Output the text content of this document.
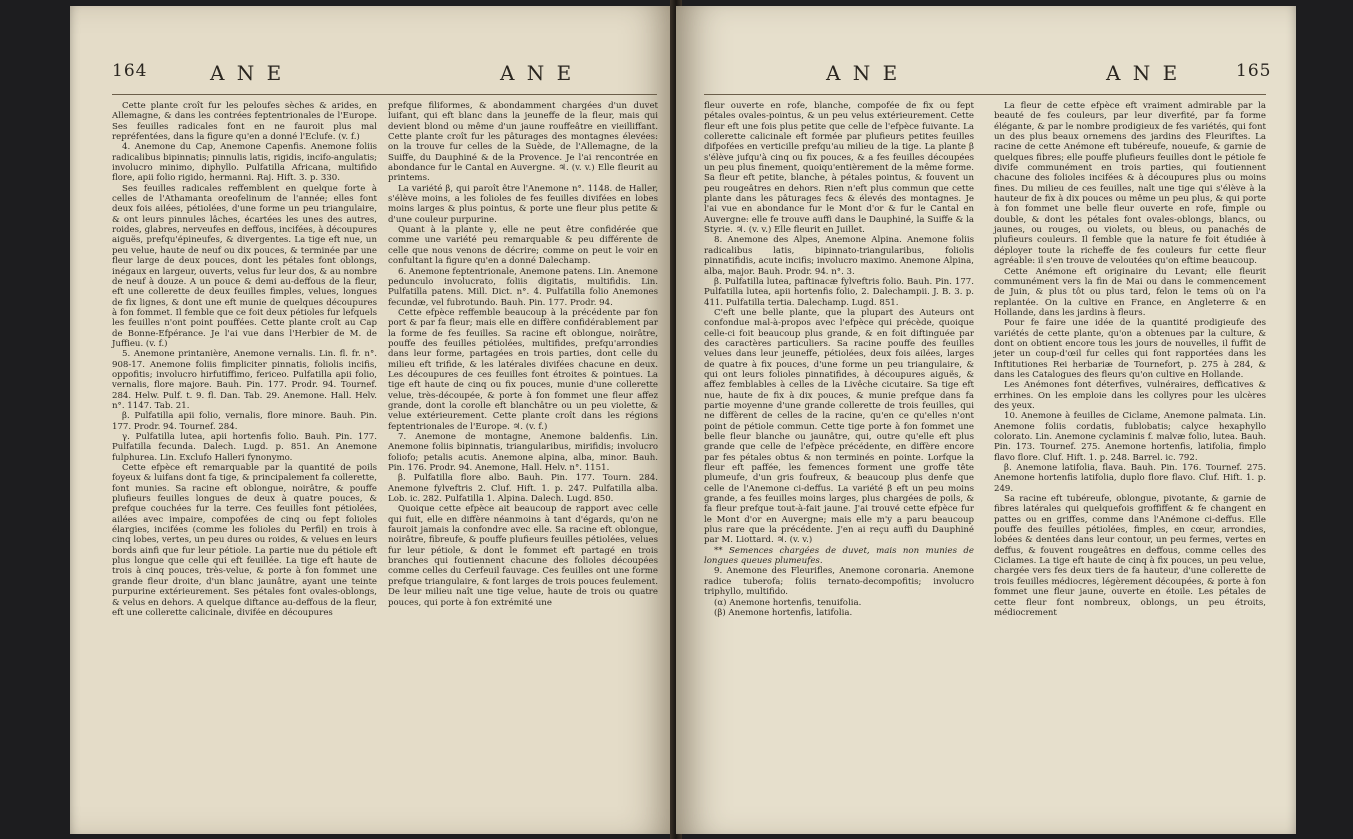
164	A N E	A N E

Cette plante croît fur les peloufes sèches & arides, en Allemagne, & dans les contrées feptentrionales de l'Europe. Ses feuilles radicales font en ne fauroit plus mal repréfentées, dans la figure qu'en a donné l'Eclufe. (v. f.)

4. Anemone du Cap, Anemone Capenfis. Anemone foliis radicalibus bipinnatis; pinnulis latis, rigidis, incifo-angulatis; involucro minimo, diphyllo. Pulfatilla Africana, multifido flore, apii folio rigido, hermanni. Raj. Hift. 3. p. 330.

Ses feuilles radicales reffemblent en quelque forte à celles de l'Athamanta oreofelinum de l'année; elles font deux fois ailées, pétiolées, d'une forme un peu triangulaire, & ont leurs pinnules lâches, écartées les unes des autres, roides, glabres, nerveufes en deffous, incifées, à découpures aiguës, prefqu'épineufes, & divergentes. La tige eft nue, un peu velue, haute de neuf ou dix pouces, & terminée par une fleur large de deux pouces, dont les pétales font oblongs, inégaux en largeur, ouverts, velus fur leur dos, & au nombre de neuf à douze. A un pouce & demi au-deffous de la fleur, eft une collerette de deux feuilles fimples, velues, longues de fix lignes, & dont une eft munie de quelques découpures à fon fommet. Il femble que ce foit deux pétioles fur lefquels les feuilles n'ont point pouffées. Cette plante croît au Cap de Bonne-Efpérance. Je l'ai vue dans l'Herbier de M. de Juffieu. (v. f.)

5. Anemone printanière, Anemone vernalis. Lin. fl. fr. n°. 908-17. Anemone foliis fimpliciter pinnatis, foliolis incifis, oppofitis; involucro hirfutiffimo, fericeo. Pulfatilla apii folio, vernalis, flore majore. Bauh. Pin. 177. Prodr. 94. Tournef. 284. Helw. Pulf. t. 9. fl. Dan. Tab. 29. Anemone. Hall. Helv. n°. 1147. Tab. 21.

β. Pulfatilla apii folio, vernalis, flore minore. Bauh. Pin. 177. Prodr. 94. Tournef. 284.

γ. Pulfatilla lutea, apii hortenfis folio. Bauh. Pin. 177. Pulfatilla fecunda. Dalech. Lugd. p. 851. An Anemone fulphurea. Lin. Exclufo Halleri fynonymo.

Cette efpèce eft remarquable par la quantité de poils foyeux & luifans dont fa tige, & principalement fa collerette, font munies. Sa racine eft oblongue, noirâtre, & pouffe plufieurs feuilles longues de deux à quatre pouces, & prefque couchées fur la terre. Ces feuilles font pétiolées, ailées avec impaire, compofées de cinq ou fept folioles élargies, incifées (comme les folioles du Perfil) en trois à cinq lobes, vertes, un peu dures ou roides, & velues en leurs bords ainfi que fur leur pétiole. La partie nue du pétiole eft plus longue que celle qui eft feuillée. La tige eft haute de trois à cinq pouces, très-velue, & porte à fon fommet une grande fleur droite, d'un blanc jaunâtre, ayant une teinte purpurine extérieurement. Ses pétales font ovales-oblongs, & velus en dehors. A quelque diftance au-deffous de la fleur, eft une collerette calicinale, divifée en découpures

prefque filiformes, & abondamment chargées d'un duvet luifant, qui eft blanc dans la jeuneffe de la fleur, mais qui devient blond ou même d'un jaune rouffeâtre en vieilliffant. Cette plante croît fur les pâturages des montagnes élevées: on la trouve fur celles de la Suède, de l'Allemagne, de la Suiffe, du Dauphiné & de la Provence. Je l'ai rencontrée en abondance fur le Cantal en Auvergne. ♃. (v. v.) Elle fleurit au printems.

La variété β, qui paroît être l'Anemone n°. 1148. de Haller, s'élève moins, a les folioles de fes feuilles divifées en lobes moins larges & plus pointus, & porte une fleur plus petite & d'une couleur purpurine.

Quant à la plante γ, elle ne peut être confidérée que comme une variété peu remarquable & peu différente de celle que nous venons de décrire; comme on peut le voir en confultant la figure qu'en a donné Dalechamp.

6. Anemone feptentrionale, Anemone patens. Lin. Anemone pedunculo involucrato, foliis digitatis, multifidis. Lin. Pulfatilla patens. Mill. Dict. n°. 4. Pulfatilla folio Anemones fecundæ, vel fubrotundo. Bauh. Pin. 177. Prodr. 94.

Cette efpèce reffemble beaucoup à la précédente par fon port & par fa fleur; mais elle en diffère confidérablement par la forme de fes feuilles. Sa racine eft oblongue, noirâtre, pouffe des feuilles pétiolées, multifides, prefqu'arrondies dans leur forme, partagées en trois parties, dont celle du milieu eft trifide, & les latérales divifées chacune en deux. Les découpures de ces feuilles font étroites & pointues. La tige eft haute de cinq ou fix pouces, munie d'une collerette velue, très-découpée, & porte à fon fommet une fleur affez grande, dont la corolle eft blanchâtre ou un peu violette, & velue extérieurement. Cette plante croît dans les régions feptentrionales de l'Europe. ♃. (v. f.)

7. Anemone de montagne, Anemone baldenfis. Lin. Anemone foliis bipinnatis, triangularibus, mirifidis; involucro foliofo; petalis acutis. Anemone alpina, alba, minor. Bauh. Pin. 176. Prodr. 94. Anemone, Hall. Helv. n°. 1151.

β. Pulfatilla flore albo. Bauh. Pin. 177. Tourn. 284. Anemone fylveftris 2. Cluf. Hift. 1. p. 247. Pulfatilla alba. Lob. ic. 282. Pulfatilla 1. Alpina. Dalech. Lugd. 850.

Quoique cette efpèce ait beaucoup de rapport avec celle qui fuit, elle en diffère néanmoins à tant d'égards, qu'on ne fauroit jamais la confondre avec elle. Sa racine eft oblongue, noirâtre, fibreufe, & pouffe plufieurs feuilles pétiolées, velues fur leur pétiole, & dont le fommet eft partagé en trois branches qui foutiennent chacune des folioles découpées comme celles du Cerfeuil fauvage. Ces feuilles ont une forme prefque triangulaire, & font larges de trois pouces feulement. De leur milieu naît une tige velue, haute de trois ou quatre pouces, qui porte à fon extrémité une

A N E	A N E	165

fleur ouverte en rofe, blanche, compofée de fix ou fept pétales ovales-pointus, & un peu velus extérieurement. Cette fleur eft une fois plus petite que celle de l'efpèce fuivante. La collerette calicinale eft formée par plufieurs petites feuilles difpofées en verticille prefqu'au milieu de la tige. La plante β s'élève jufqu'à cinq ou fix pouces, & a fes feuilles découpées un peu plus finement, quoiqu'entièrement de la même forme. Sa fleur eft petite, blanche, à pétales pointus, & fouvent un peu rougeâtres en dehors. Rien n'eft plus commun que cette plante dans les pâturages fecs & élevés des montagnes. Je l'ai vue en abondance fur le Mont d'or & fur le Cantal en Auvergne: elle fe trouve auffi dans le Dauphiné, la Suiffe & la Styrie. ♃. (v. v.) Elle fleurit en Juillet.

8. Anemone des Alpes, Anemone Alpina. Anemone foliis radicalibus latis, bipinnato-triangularibus, foliolis pinnatifidis, acute incifis; involucro maximo. Anemone Alpina, alba, major. Bauh. Prodr. 94. n°. 3.

β. Pulfatilla lutea, paftinacæ fylveftris folio. Bauh. Pin. 177. Pulfatilla lutea, apii hortenfis folio, 2. Dalechampii. J. B. 3. p. 411. Pulfatilla tertia. Dalechamp. Lugd. 851.

C'eft une belle plante, que la plupart des Auteurs ont confondue mal-à-propos avec l'efpèce qui précède, quoique celle-ci foit beaucoup plus grande, & en foit diftinguée par des caractères particuliers. Sa racine pouffe des feuilles velues dans leur jeuneffe, pétiolées, deux fois ailées, larges de quatre à fix pouces, d'une forme un peu triangulaire, & qui ont leurs folioles pinnatifides, à découpures aiguës, & affez femblables à celles de la Livêche cicutaire. Sa tige eft nue, haute de fix à dix pouces, & munie prefque dans fa partie moyenne d'une grande collerette de trois feuilles, qui ne diffèrent de celles de la racine, qu'en ce qu'elles n'ont point de pétiole commun. Cette tige porte à fon fommet une belle fleur blanche ou jaunâtre, qui, outre qu'elle eft plus grande que celle de l'efpèce précédente, en diffère encore par fes pétales obtus & non terminés en pointe. Lorfque la fleur eft paffée, les femences forment une groffe tête plumeufe, d'un gris foufreux, & beaucoup plus denfe que celle de l'Anemone ci-deffus. La variété β eft un peu moins grande, a fes feuilles moins larges, plus chargées de poils, & fa fleur prefque tout-à-fait jaune. J'ai trouvé cette efpèce fur le Mont d'or en Auvergne; mais elle m'y a paru beaucoup plus rare que la précédente. J'en ai reçu auffi du Dauphiné par M. Liottard. ♃. (v. v.)

** Semences chargées de duvet, mais non munies de longues queues plumeufes.

9. Anemone des Fleurifles, Anemone coronaria. Anemone radice tuberofa; foliis ternato-decompofitis; involucro triphyllo, multifido.

(α) Anemone hortenfis, tenuifolia.

(β) Anemone hortenfis, latifolia.

La fleur de cette efpèce eft vraiment admirable par la beauté de fes couleurs, par leur diverfité, par fa forme élégante, & par le nombre prodigieux de fes variétés, qui font un des plus beaux ornemens des jardins des Fleuriftes. La racine de cette Anémone eft tubéreufe, noueufe, & garnie de quelques fibres; elle pouffe plufieurs feuilles dont le pétiole fe divife communément en trois parties, qui foutiennent chacune des folioles incifées & à découpures plus ou moins fines. Du milieu de ces feuilles, naît une tige qui s'élève à la hauteur de fix à dix pouces ou même un peu plus, & qui porte à fon fommet une belle fleur ouverte en rofe, fimple ou double, & dont les pétales font ovales-oblongs, blancs, ou jaunes, ou rouges, ou violets, ou bleus, ou panachés de plufieurs couleurs. Il femble que la nature fe foit étudiée à déployer toute la richeffe de fes couleurs fur cette fleur agréable: il s'en trouve de veloutées qu'on eftime beaucoup.

Cette Anémone eft originaire du Levant; elle fleurit communément vers la fin de Mai ou dans le commencement de Juin, & plus tôt ou plus tard, felon le tems où on l'a replantée. On la cultive en France, en Angleterre & en Hollande, dans les jardins à fleurs.

Pour fe faire une idée de la quantité prodigieufe des variétés de cette plante, qu'on a obtenues par la culture, & dont on obtient encore tous les jours de nouvelles, il fuffit de jeter un coup-d'œil fur celles qui font rapportées dans les Inftitutiones Rei herbariæ de Tournefort, p. 275 à 284, & dans les Catalogues des fleurs qu'on cultive en Hollande.

Les Anémones font déterfives, vulnéraires, defficatives & errhines. On les emploie dans les collyres pour les ulcères des yeux.

10. Anemone à feuilles de Ciclame, Anemone palmata. Lin. Anemone foliis cordatis, fublobatis; calyce hexaphyllo colorato. Lin. Anemone cyclaminis f. malvæ folio, lutea. Bauh. Pin. 173. Tournef. 275. Anemone hortenfis, latifolia, fimplo flavo flore. Cluf. Hift. 1. p. 248. Barrel. ic. 792.

β. Anemone latifolia, flava. Bauh. Pin. 176. Tournef. 275. Anemone hortenfis latifolia, duplo flore flavo. Cluf. Hift. 1. p. 249.

Sa racine eft tubéreufe, oblongue, pivotante, & garnie de fibres latérales qui quelquefois groffiffent & fe changent en pattes ou en griffes, comme dans l'Anémone ci-deffus. Elle pouffe des feuilles pétiolées, fimples, en cœur, arrondies, lobées & dentées dans leur contour, un peu fermes, vertes en deffus, & fouvent rougeâtres en deffous, comme celles des Ciclames. La tige eft haute de cinq à fix pouces, un peu velue, chargée vers fes deux tiers de fa hauteur, d'une collerette de trois feuilles médiocres, légèrement découpées, & porte à fon fommet une fleur jaune, ouverte en étoile. Les pétales de cette fleur font nombreux, oblongs, un peu étroits, médiocrement
